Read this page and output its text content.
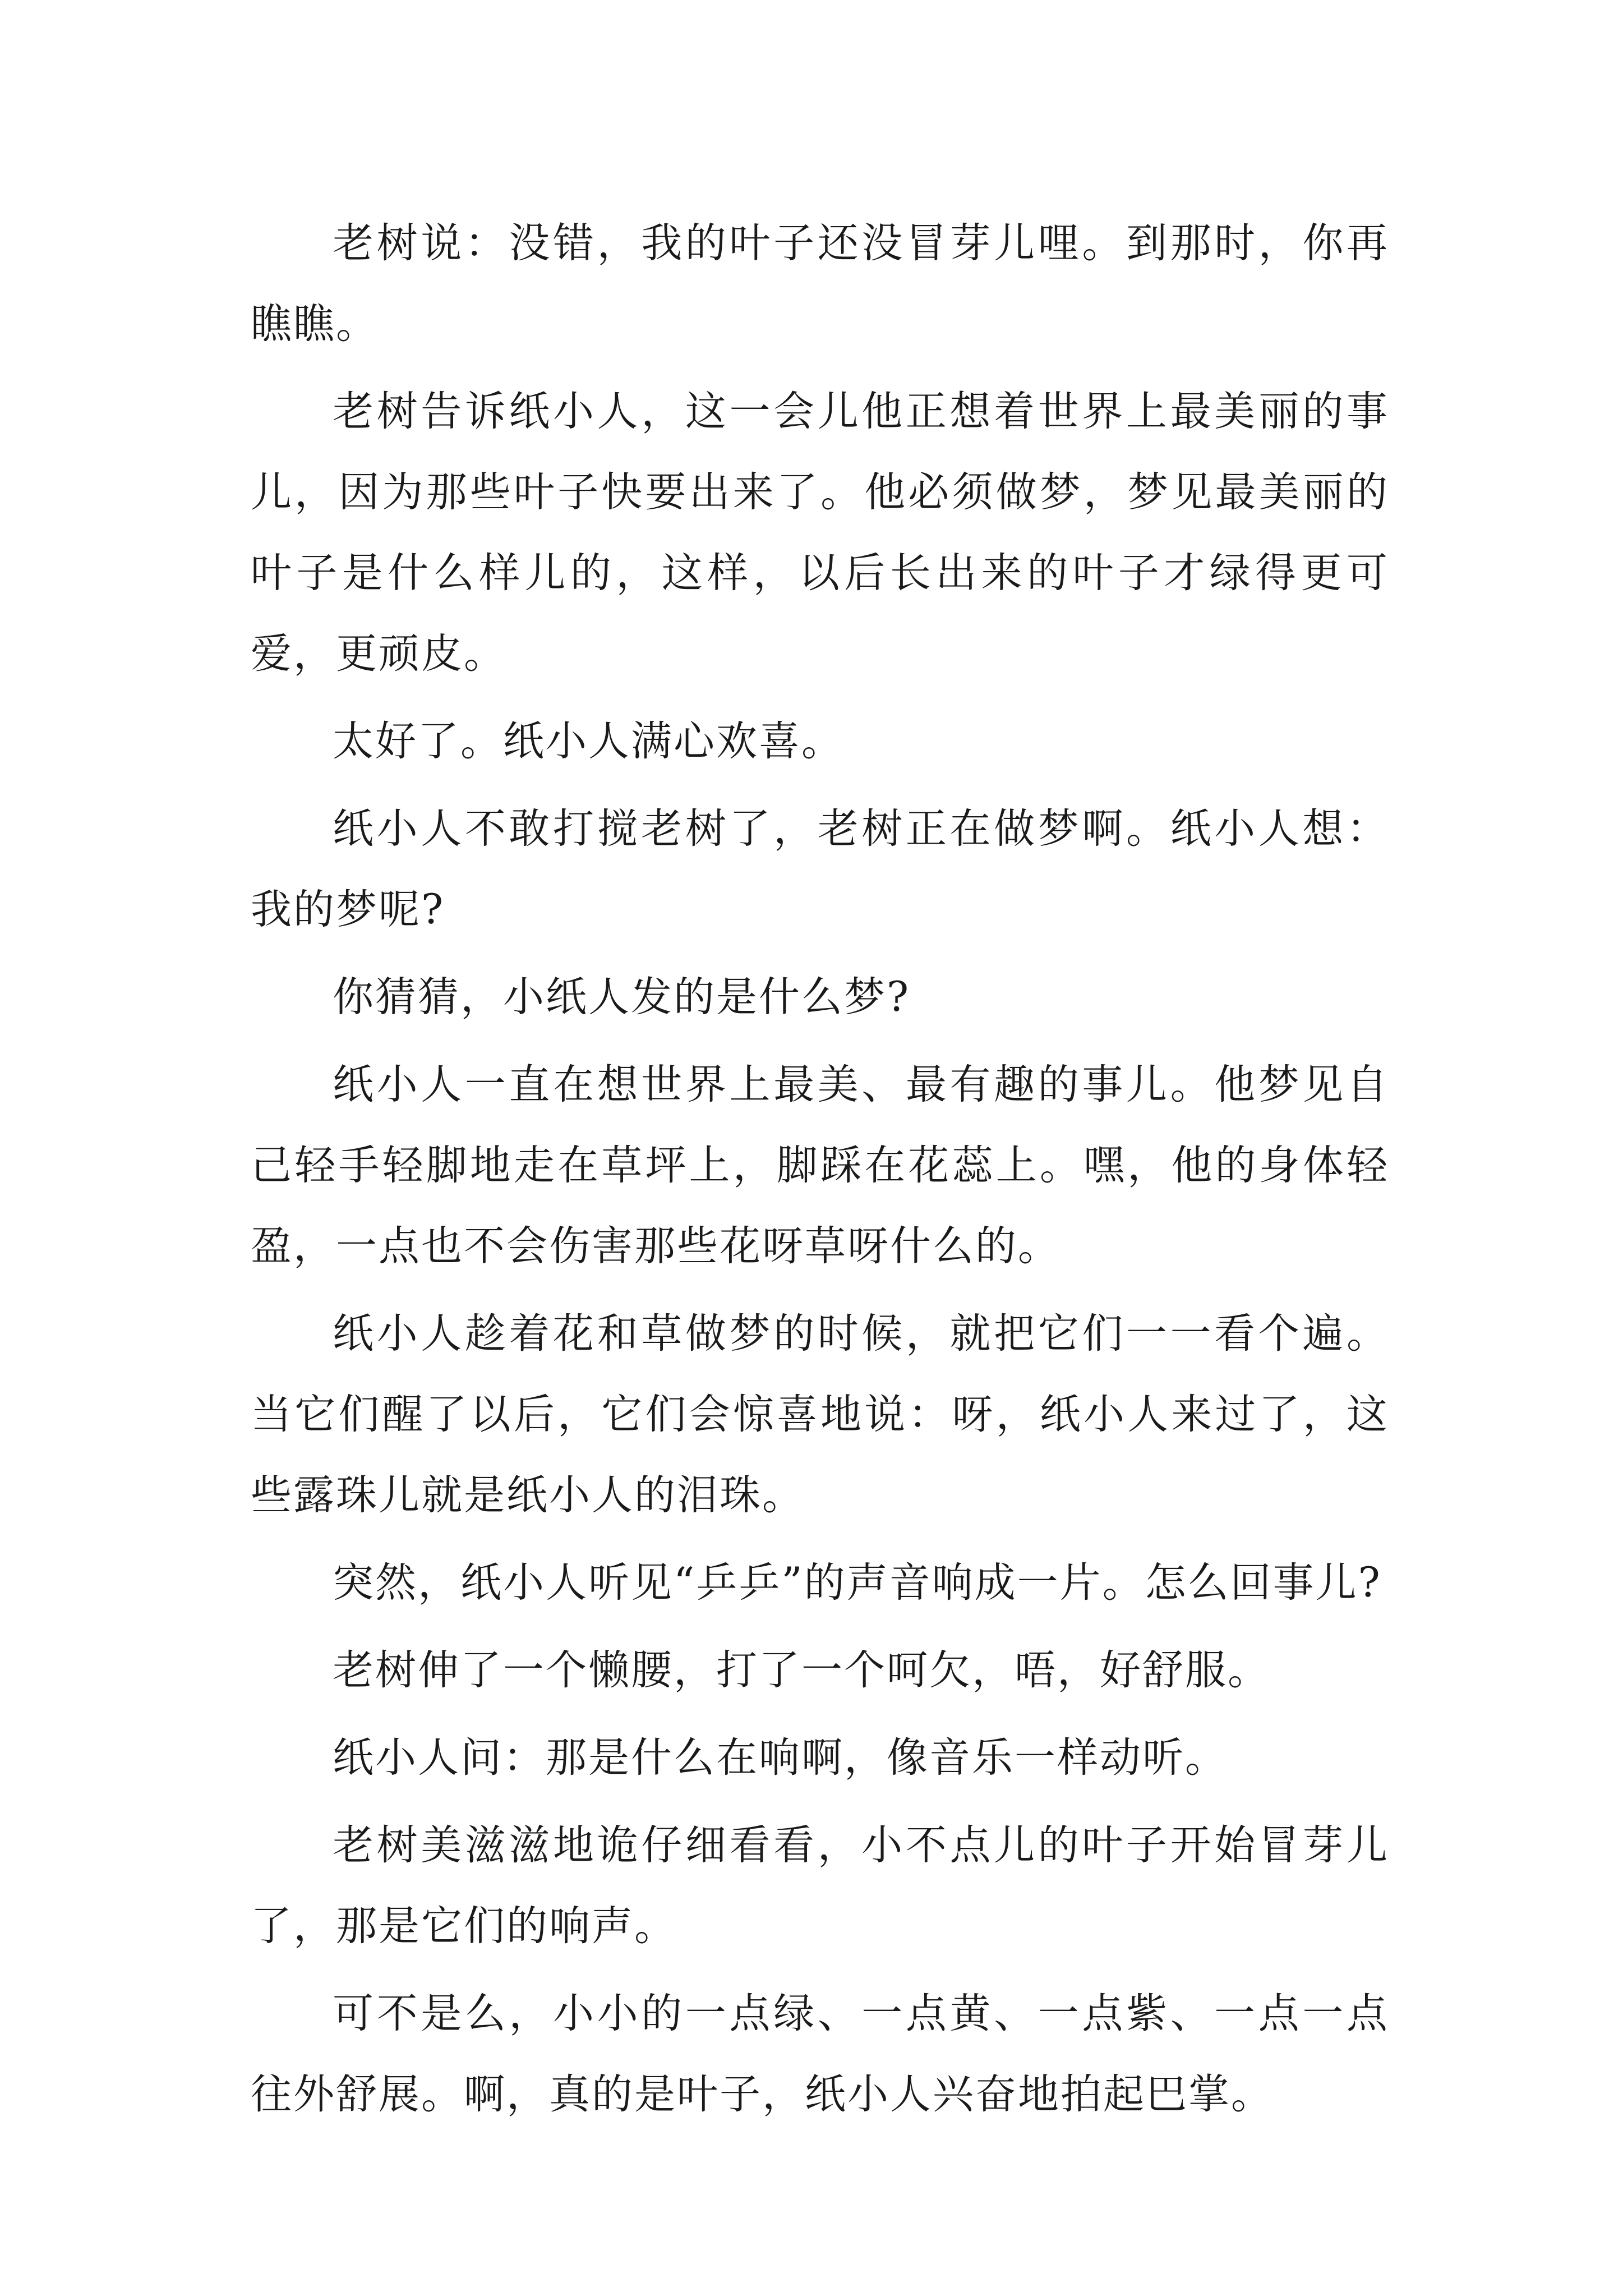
老树说：没错，我的叶子还没冒芽儿哩。到那时，你再瞧瞧。

老树告诉纸小人，这一会儿他正想着世界上最美丽的事儿，因为那些叶子快要出来了。他必须做梦，梦见最美丽的叶子是什么样儿的，这样，以后长出来的叶子才绿得更可爱，更顽皮。

太好了。纸小人满心欢喜。

纸小人不敢打搅老树了，老树正在做梦啊。纸小人想：我的梦呢?

你猜猜，小纸人发的是什么梦?

纸小人一直在想世界上最美、最有趣的事儿。他梦见自己轻手轻脚地走在草坪上，脚踩在花蕊上。嘿，他的身体轻盈，一点也不会伤害那些花呀草呀什么的。

纸小人趁着花和草做梦的时候，就把它们一一看个遍。当它们醒了以后，它们会惊喜地说：呀，纸小人来过了，这些露珠儿就是纸小人的泪珠。

突然，纸小人听见“乒乒”的声音响成一片。怎么回事儿?

老树伸了一个懒腰，打了一个呵欠，唔，好舒服。

纸小人问：那是什么在响啊，像音乐一样动听。

老树美滋滋地诡仔细看看，小不点儿的叶子开始冒芽儿了，那是它们的响声。

可不是么，小小的一点绿、一点黄、一点紫、一点一点往外舒展。啊，真的是叶子，纸小人兴奋地拍起巴掌。
